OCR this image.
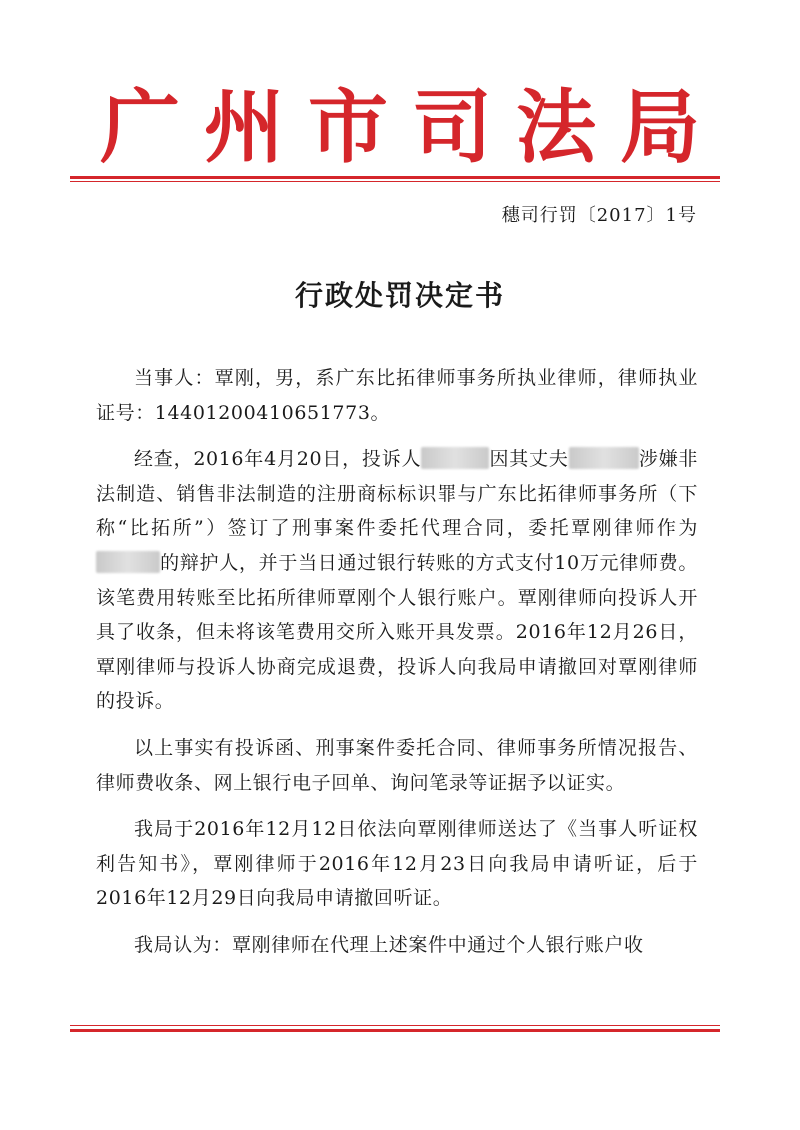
广 州 市 司 法 局
穗司行罚〔2017〕1号
行政处罚决定书

当事人：覃刚，男，系广东比拓律师事务所执业律师，律师执业证号：14401200410651773。

经查，2016年4月20日，投诉人	因其丈夫	涉嫌非法制造、销售非法制造的注册商标标识罪与广东比拓律师事务所（下称“比拓所”）签订了刑事案件委托代理合同，委托覃刚律师作为的辩护人，并于当日通过银行转账的方式支付10万元律师费。该笔费用转账至比拓所律师覃刚个人银行账户。覃刚律师向投诉人开具了收条，但未将该笔费用交所入账开具发票。2016年12月26日，覃刚律师与投诉人协商完成退费，投诉人向我局申请撤回对覃刚律师的投诉。

以上事实有投诉函、刑事案件委托合同、律师事务所情况报告、律师费收条、网上银行电子回单、询问笔录等证据予以证实。

我局于2016年12月12日依法向覃刚律师送达了《当事人听证权利告知书》，覃刚律师于2016年12月23日向我局申请听证，后于2016年12月29日向我局申请撤回听证。

我局认为：覃刚律师在代理上述案件中通过个人银行账户收
